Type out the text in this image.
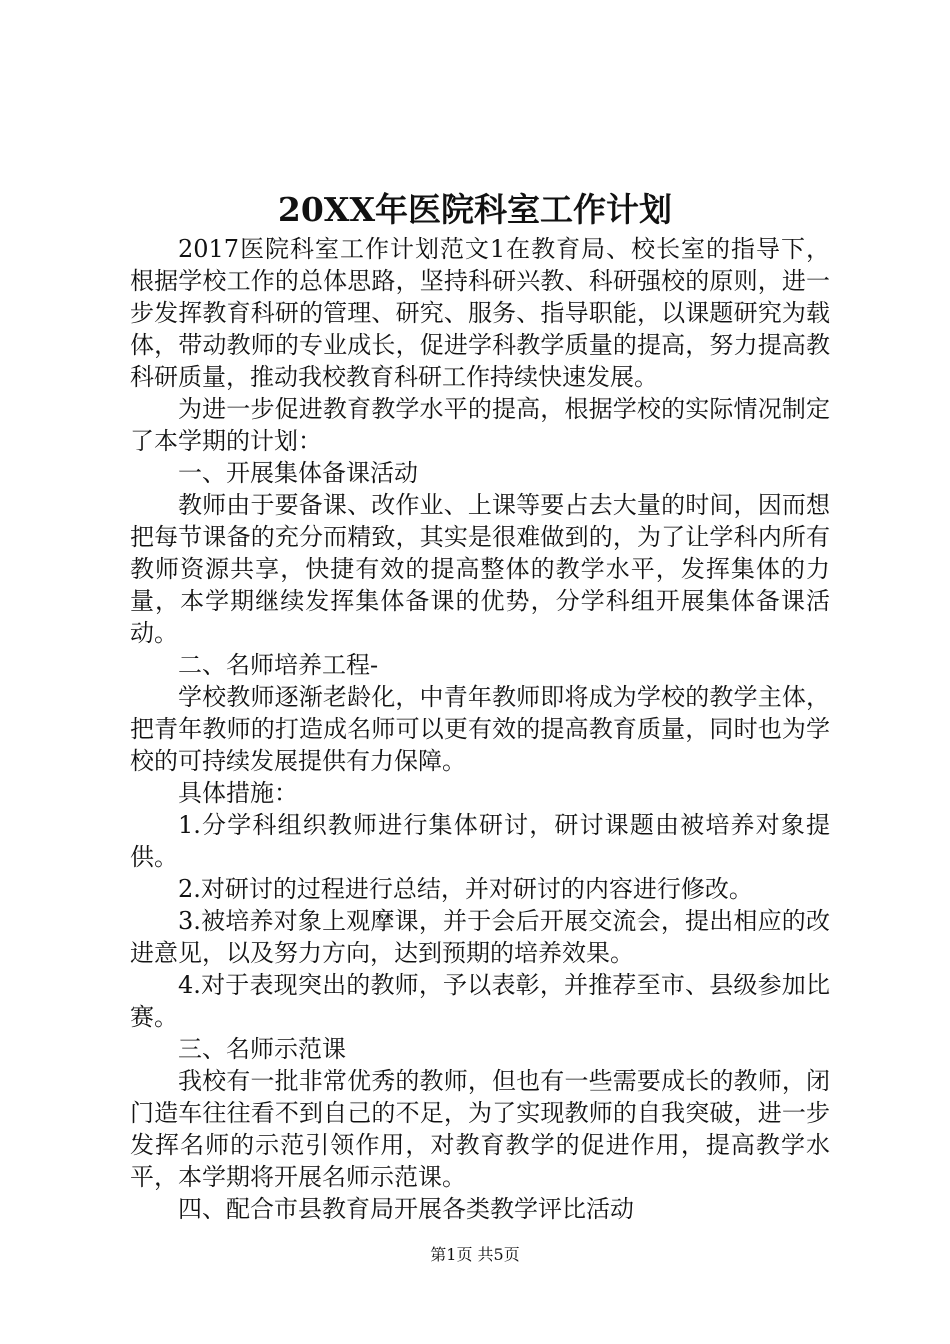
20XX年医院科室工作计划

2017医院科室工作计划范文1在教育局、校长室的指导下，根据学校工作的总体思路，坚持科研兴教、科研强校的原则，进一步发挥教育科研的管理、研究、服务、指导职能，以课题研究为载体，带动教师的专业成长，促进学科教学质量的提高，努力提高教科研质量，推动我校教育科研工作持续快速发展。

为进一步促进教育教学水平的提高，根据学校的实际情况制定了本学期的计划：

一、开展集体备课活动

教师由于要备课、改作业、上课等要占去大量的时间，因而想把每节课备的充分而精致，其实是很难做到的，为了让学科内所有教师资源共享，快捷有效的提高整体的教学水平，发挥集体的力量，本学期继续发挥集体备课的优势，分学科组开展集体备课活动。

二、名师培养工程-

学校教师逐渐老龄化，中青年教师即将成为学校的教学主体，把青年教师的打造成名师可以更有效的提高教育质量，同时也为学校的可持续发展提供有力保障。

具体措施：

1.分学科组织教师进行集体研讨，研讨课题由被培养对象提供。

2.对研讨的过程进行总结，并对研讨的内容进行修改。

3.被培养对象上观摩课，并于会后开展交流会，提出相应的改进意见，以及努力方向，达到预期的培养效果。

4.对于表现突出的教师，予以表彰，并推荐至市、县级参加比赛。

三、名师示范课

我校有一批非常优秀的教师，但也有一些需要成长的教师，闭门造车往往看不到自己的不足，为了实现教师的自我突破，进一步发挥名师的示范引领作用，对教育教学的促进作用，提高教学水平，本学期将开展名师示范课。

四、配合市县教育局开展各类教学评比活动

第1页 共5页
